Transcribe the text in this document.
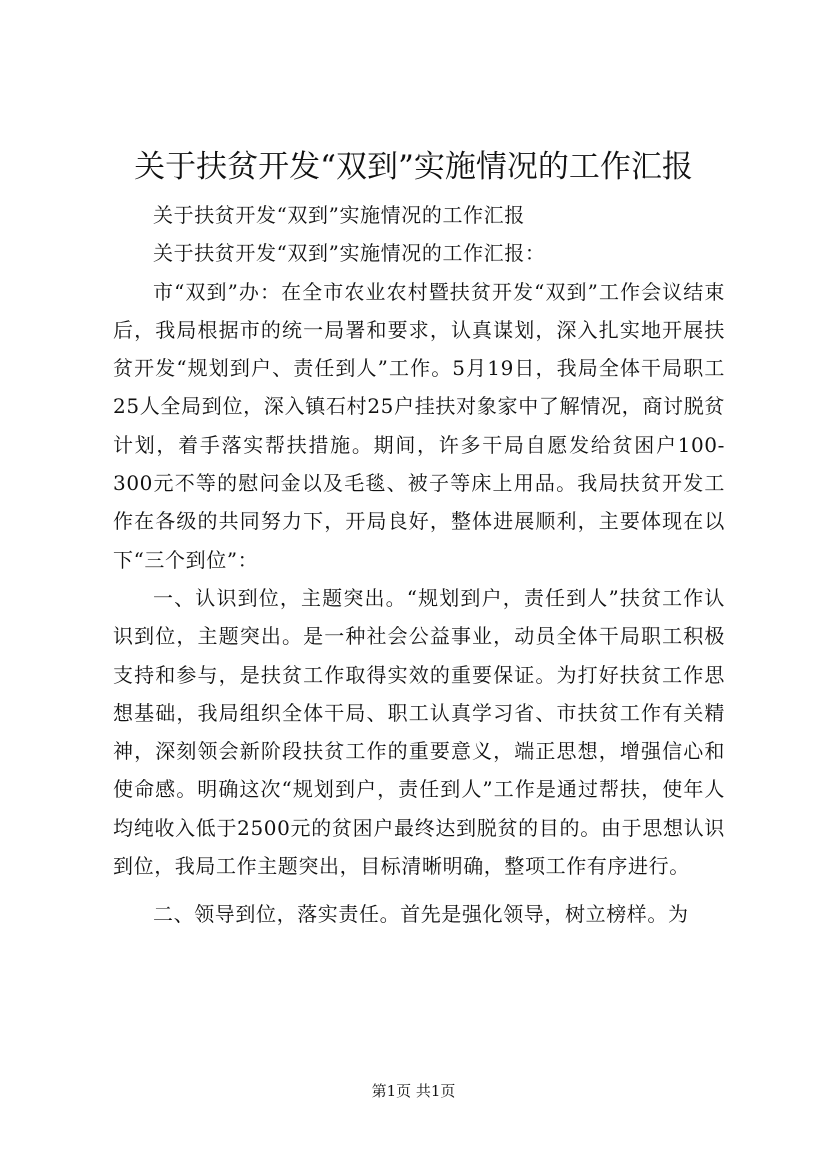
关于扶贫开发“双到”实施情况的工作汇报

关于扶贫开发“双到”实施情况的工作汇报

关于扶贫开发“双到”实施情况的工作汇报：

市“双到”办：在全市农业农村暨扶贫开发“双到”工作会议结束后，我局根据市的统一局署和要求，认真谋划，深入扎实地开展扶贫开发“规划到户、责任到人”工作。5月19日，我局全体干局职工25人全局到位，深入镇石村25户挂扶对象家中了解情况，商讨脱贫计划，着手落实帮扶措施。期间，许多干局自愿发给贫困户100-300元不等的慰问金以及毛毯、被子等床上用品。我局扶贫开发工作在各级的共同努力下，开局良好，整体进展顺利，主要体现在以下“三个到位”：

一、认识到位，主题突出。“规划到户，责任到人”扶贫工作认识到位，主题突出。是一种社会公益事业，动员全体干局职工积极支持和参与，是扶贫工作取得实效的重要保证。为打好扶贫工作思想基础，我局组织全体干局、职工认真学习省、市扶贫工作有关精神，深刻领会新阶段扶贫工作的重要意义，端正思想，增强信心和使命感。明确这次“规划到户，责任到人”工作是通过帮扶，使年人均纯收入低于2500元的贫困户最终达到脱贫的目的。由于思想认识到位，我局工作主题突出，目标清晰明确，整项工作有序进行。

二、领导到位，落实责任。首先是强化领导，树立榜样。为

第1页 共1页
